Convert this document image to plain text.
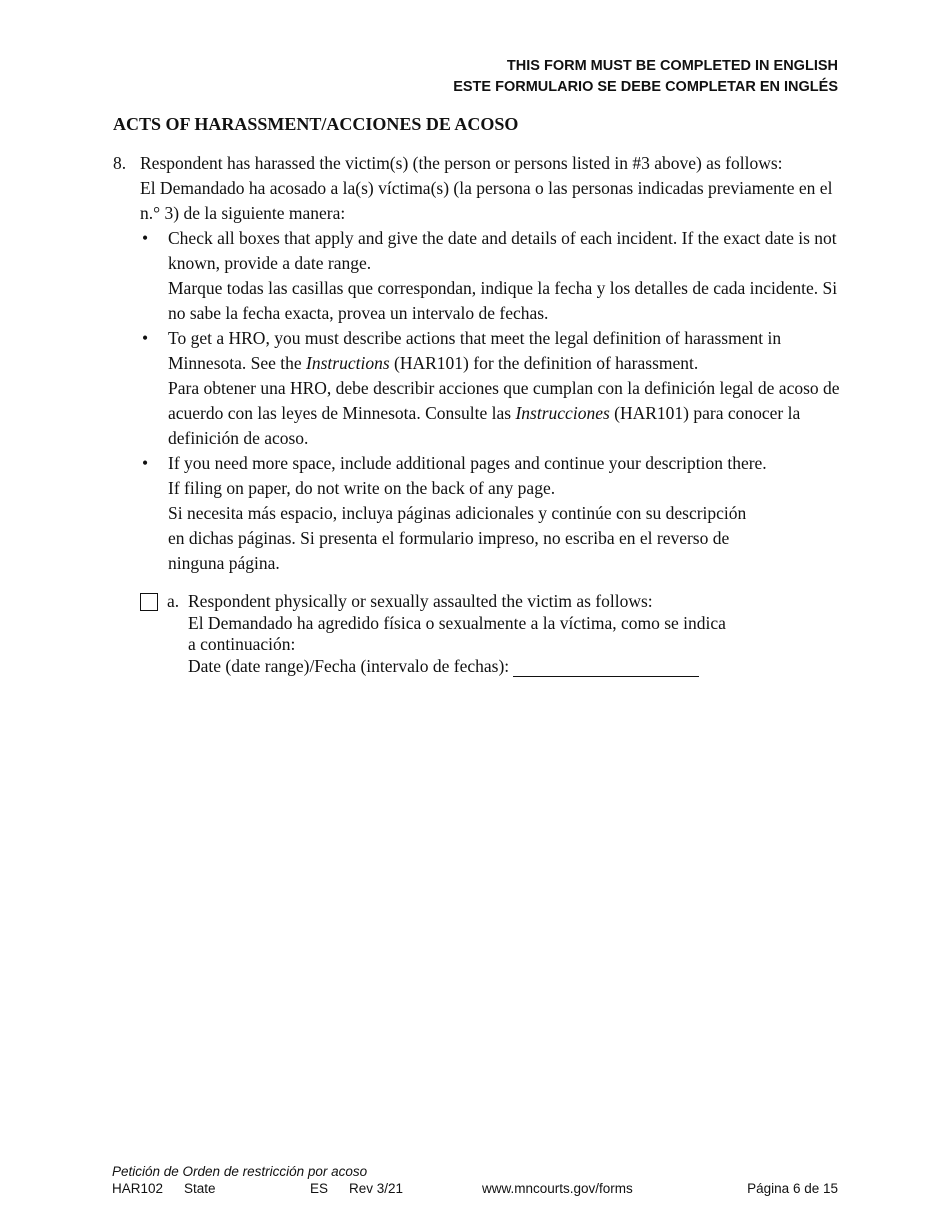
THIS FORM MUST BE COMPLETED IN ENGLISH
ESTE FORMULARIO SE DEBE COMPLETAR EN INGLÉS
ACTS OF HARASSMENT/ACCIONES DE ACOSO
8. Respondent has harassed the victim(s) (the person or persons listed in #3 above) as follows:

El Demandado ha acosado a la(s) víctima(s) (la persona o las personas indicadas previamente en el n.° 3) de la siguiente manera:

• Check all boxes that apply and give the date and details of each incident. If the exact date is not known, provide a date range.

Marque todas las casillas que correspondan, indique la fecha y los detalles de cada incidente. Si no sabe la fecha exacta, provea un intervalo de fechas.

• To get a HRO, you must describe actions that meet the legal definition of harassment in Minnesota. See the Instructions (HAR101) for the definition of harassment.

Para obtener una HRO, debe describir acciones que cumplan con la definición legal de acoso de acuerdo con las leyes de Minnesota. Consulte las Instrucciones (HAR101) para conocer la definición de acoso.

• If you need more space, include additional pages and continue your description there.

If filing on paper, do not write on the back of any page.

Si necesita más espacio, incluya páginas adicionales y continúe con su descripción

en dichas páginas. Si presenta el formulario impreso, no escriba en el reverso de

ninguna página.

a. Respondent physically or sexually assaulted the victim as follows:
El Demandado ha agredido física o sexualmente a la víctima, como se indica
a continuación:
Date (date range)/Fecha (intervalo de fechas):
Petición de Orden de restricción por acoso
HAR102 State	ES Rev 3/21	www.mncourts.gov/forms	Página 6 de 15
